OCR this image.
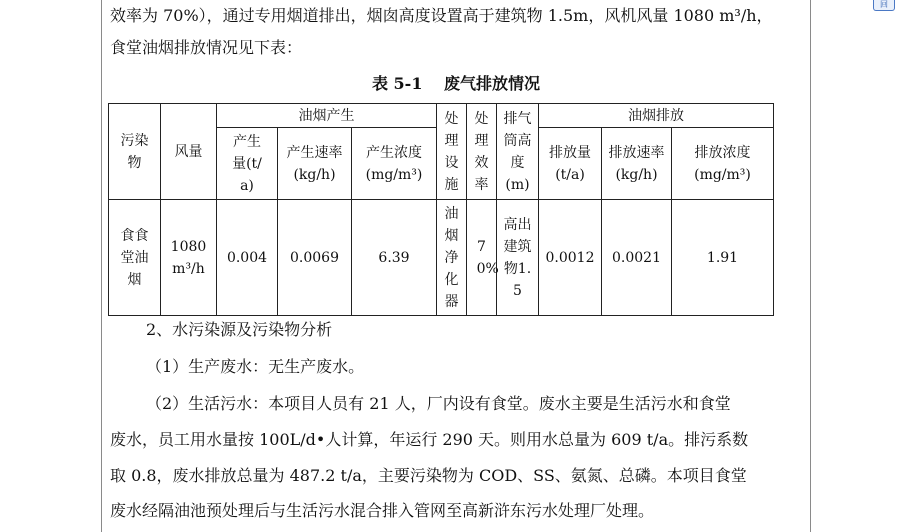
效率为 70%），通过专用烟道排出，烟囱高度设置高于建筑物 1.5m，风机风量 1080 m³/h，
食堂油烟排放情况见下表：
表 5-1　 废气排放情况
污染物	风量	油烟产生			处理设施	处理效率	排气筒高度(m)	油烟排放		
		产生量(t/a)	产生速率(kg/h)	产生浓度(mg/m³)				排放量(t/a)	排放速率(kg/h)	排放浓度(mg/m³)
食食堂油烟	1080 m³/h	0.004	0.0069	6.39	油烟净化器	70%	高出建筑物1.5	0.0012	0.0021	1.91
2、水污染源及污染物分析
（1）生产废水：无生产废水。
（2）生活污水：本项目人员有 21 人，厂内设有食堂。废水主要是生活污水和食堂
废水，员工用水量按 100L/d•人计算，年运行 290 天。则用水总量为 609 t/a。排污系数
取 0.8，废水排放总量为 487.2 t/a，主要污染物为 COD、SS、氨氮、总磷。本项目食堂
废水经隔油池预处理后与生活污水混合排入管网至高新浒东污水处理厂处理。
回
